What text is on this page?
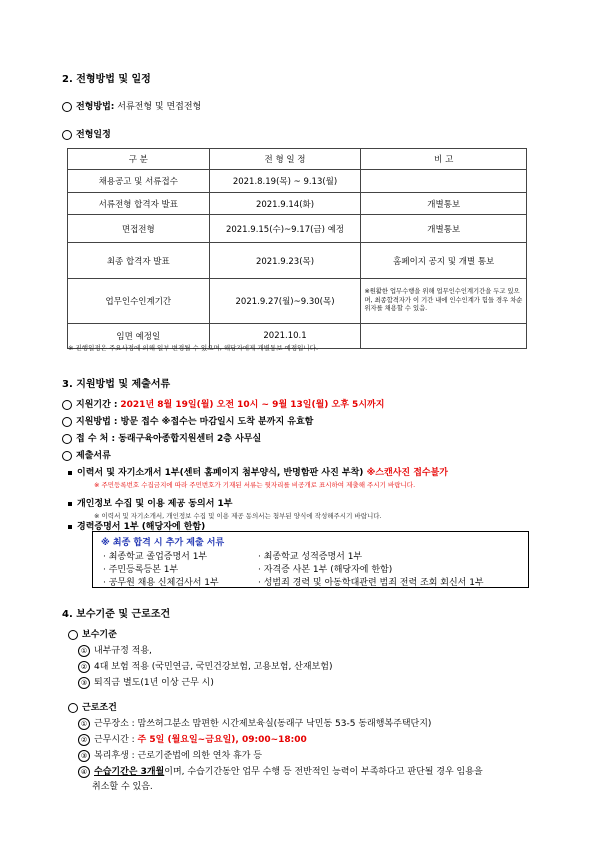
2. 전형방법 및 일정
전형방법: 서류전형 및 면접전형
전형일정
구 분	전 형 일 정	비 고
채용공고 및 서류접수	2021.8.19(목) ~ 9.13(월)	
서류전형 합격자 발표	2021.9.14(화)	개별통보
면접전형	2021.9.15(수)~9.17(금) 예정	개별통보
최종 합격자 발표	2021.9.23(목)	홈페이지 공지 및 개별 통보
업무인수인계기간	2021.9.27(월)~9.30(목)	※원활한 업무수행을 위해 업무인수인계기간을 두고 있으며, 최종합격자가 이 기간 내에 인수인계가 힘들 경우 차순위자를 채용할 수 있음.
임면 예정일	2021.10.1	
※ 진행일정은 주요사정에 의해 일부 변경될 수 있으며, 해당자에게 개별통보 예정입니다.
3. 지원방법 및 제출서류
지원기간 : 2021년 8월 19일(월) 오전 10시 ~ 9월 13일(월) 오후 5시까지
지원방법 : 방문 접수 ※접수는 마감일시 도착 분까지 유효함
접 수 처 : 동래구육아종합지원센터 2층 사무실
제출서류
이력서 및 자기소개서 1부(센터 홈페이지 첨부양식, 반명함판 사진 부착) ※스캔사진 접수불가
※ 주민등록번호 수집금지에 따라 주민번호가 기재된 서류는 뒷자리를 비공개로 표시하여 제출해 주시기 바랍니다.
개인정보 수집 및 이용 제공 동의서 1부
※ 이력서 및 자기소개서, 개인정보 수집 및 이용 제공 동의서는 첨부된 양식에 작성해주시기 바랍니다.
경력증명서 1부 (해당자에 한함)
※ 최종 합격 시 추가 제출 서류
· 최종학교 졸업증명서 1부	· 최종학교 성적증명서 1부
· 주민등록등본 1부	· 자격증 사본 1부 (해당자에 한함)
· 공무원 채용 신체검사서 1부	· 성범죄 경력 및 아동학대관련 범죄 전력 조회 회신서 1부
4. 보수기준 및 근로조건
보수기준
① 내부규정 적용,
② 4대 보험 적용 (국민연금, 국민건강보험, 고용보험, 산재보험)
③ 퇴직금 별도(1년 이상 근무 시)
근로조건
① 근무장소 : 맘쓰허그분소 맘편한 시간제보육실(동래구 낙민동 53-5 동래행복주택단지)
② 근무시간 : 주 5일 (월요일~금요일), 09:00~18:00
③ 복리후생 : 근로기준법에 의한 연차 휴가 등
④ 수습기간은 3개월이며, 수습기간동안 업무 수행 등 전반적인 능력이 부족하다고 판단될 경우 임용을
취소할 수 있음.
